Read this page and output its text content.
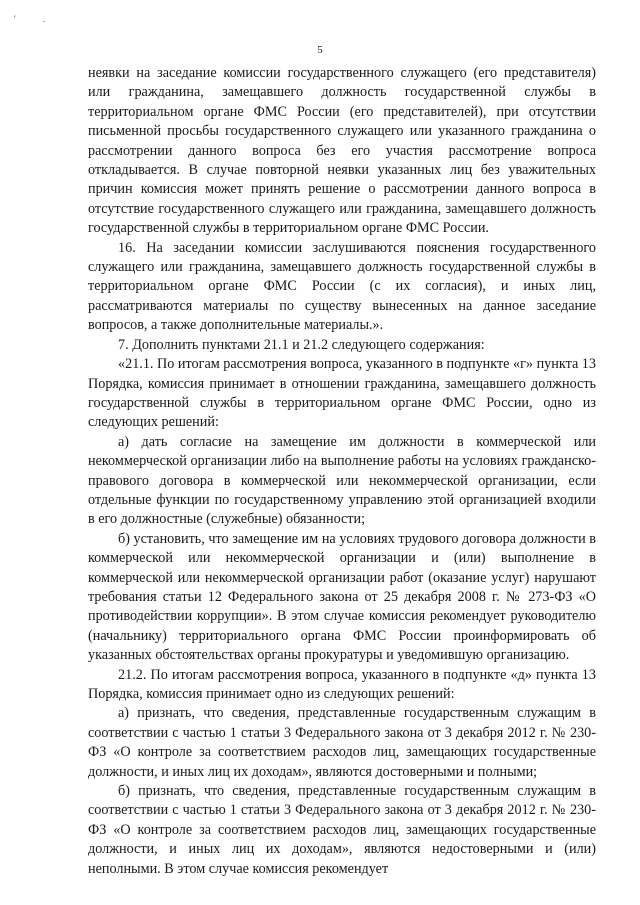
'	.
5

неявки на заседание комиссии государственного служащего (его представителя) или гражданина, замещавшего должность государственной службы в территориальном органе ФМС России (его представителей), при отсутствии письменной просьбы государственного служащего или указанного гражданина о рассмотрении данного вопроса без его участия рассмотрение вопроса откладывается. В случае повторной неявки указанных лиц без уважительных причин комиссия может принять решение о рассмотрении данного вопроса в отсутствие государственного служащего или гражданина, замещавшего должность государственной службы в территориальном органе ФМС России.

16. На заседании комиссии заслушиваются пояснения государственного служащего или гражданина, замещавшего должность государственной службы в территориальном органе ФМС России (с их согласия), и иных лиц, рассматриваются материалы по существу вынесенных на данное заседание вопросов, а также дополнительные материалы.».

7. Дополнить пунктами 21.1 и 21.2 следующего содержания:

«21.1. По итогам рассмотрения вопроса, указанного в подпункте «г» пункта 13 Порядка, комиссия принимает в отношении гражданина, замещавшего должность государственной службы в территориальном органе ФМС России, одно из следующих решений:

а) дать согласие на замещение им должности в коммерческой или некоммерческой организации либо на выполнение работы на условиях гражданско-правового договора в коммерческой или некоммерческой организации, если отдельные функции по государственному управлению этой организацией входили в его должностные (служебные) обязанности;

б) установить, что замещение им на условиях трудового договора должности в коммерческой или некоммерческой организации и (или) выполнение в коммерческой или некоммерческой организации работ (оказание услуг) нарушают требования статьи 12 Федерального закона от 25 декабря 2008 г. № 273-ФЗ «О противодействии коррупции». В этом случае комиссия рекомендует руководителю (начальнику) территориального органа ФМС России проинформировать об указанных обстоятельствах органы прокуратуры и уведомившую организацию.

21.2. По итогам рассмотрения вопроса, указанного в подпункте «д» пункта 13 Порядка, комиссия принимает одно из следующих решений:

а) признать, что сведения, представленные государственным служащим в соответствии с частью 1 статьи 3 Федерального закона от 3 декабря 2012 г. № 230-ФЗ «О контроле за соответствием расходов лиц, замещающих государственные должности, и иных лиц их доходам», являются достоверными и полными;

б) признать, что сведения, представленные государственным служащим в соответствии с частью 1 статьи 3 Федерального закона от 3 декабря 2012 г. № 230-ФЗ «О контроле за соответствием расходов лиц, замещающих государственные должности, и иных лиц их доходам», являются недостоверными и (или) неполными. В этом случае комиссия рекомендует
